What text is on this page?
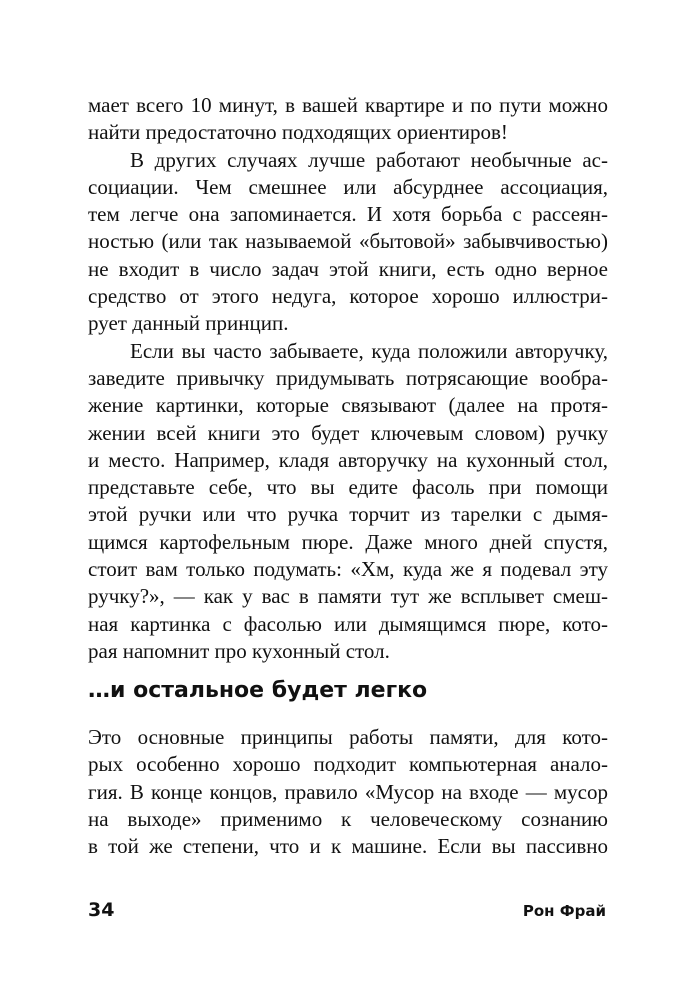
мает всего 10 минут, в вашей квартире и по пути можно
найти предостаточно подходящих ориентиров!
В других случаях лучше работают необычные ас-
социации. Чем смешнее или абсурднее ассоциация,
тем легче она запоминается. И хотя борьба с рассеян-
ностью (или так называемой «бытовой» забывчивостью)
не входит в число задач этой книги, есть одно верное
средство от этого недуга, которое хорошо иллюстри-
рует данный принцип.
Если вы часто забываете, куда положили авторучку,
заведите привычку придумывать потрясающие вообра-
жение картинки, которые связывают (далее на протя-
жении всей книги это будет ключевым словом) ручку
и место. Например, кладя авторучку на кухонный стол,
представьте себе, что вы едите фасоль при помощи
этой ручки или что ручка торчит из тарелки с дымя-
щимся картофельным пюре. Даже много дней спустя,
стоит вам только подумать: «Хм, куда же я подевал эту
ручку?», — как у вас в памяти тут же всплывет смеш-
ная картинка с фасолью или дымящимся пюре, кото-
рая напомнит про кухонный стол.
…и остальное будет легко
Это основные принципы работы памяти, для кото-
рых особенно хорошо подходит компьютерная анало-
гия. В конце концов, правило «Мусор на входе — мусор
на выходе» применимо к человеческому сознанию
в той же степени, что и к машине. Если вы пассивно
34	Рон Фрай
